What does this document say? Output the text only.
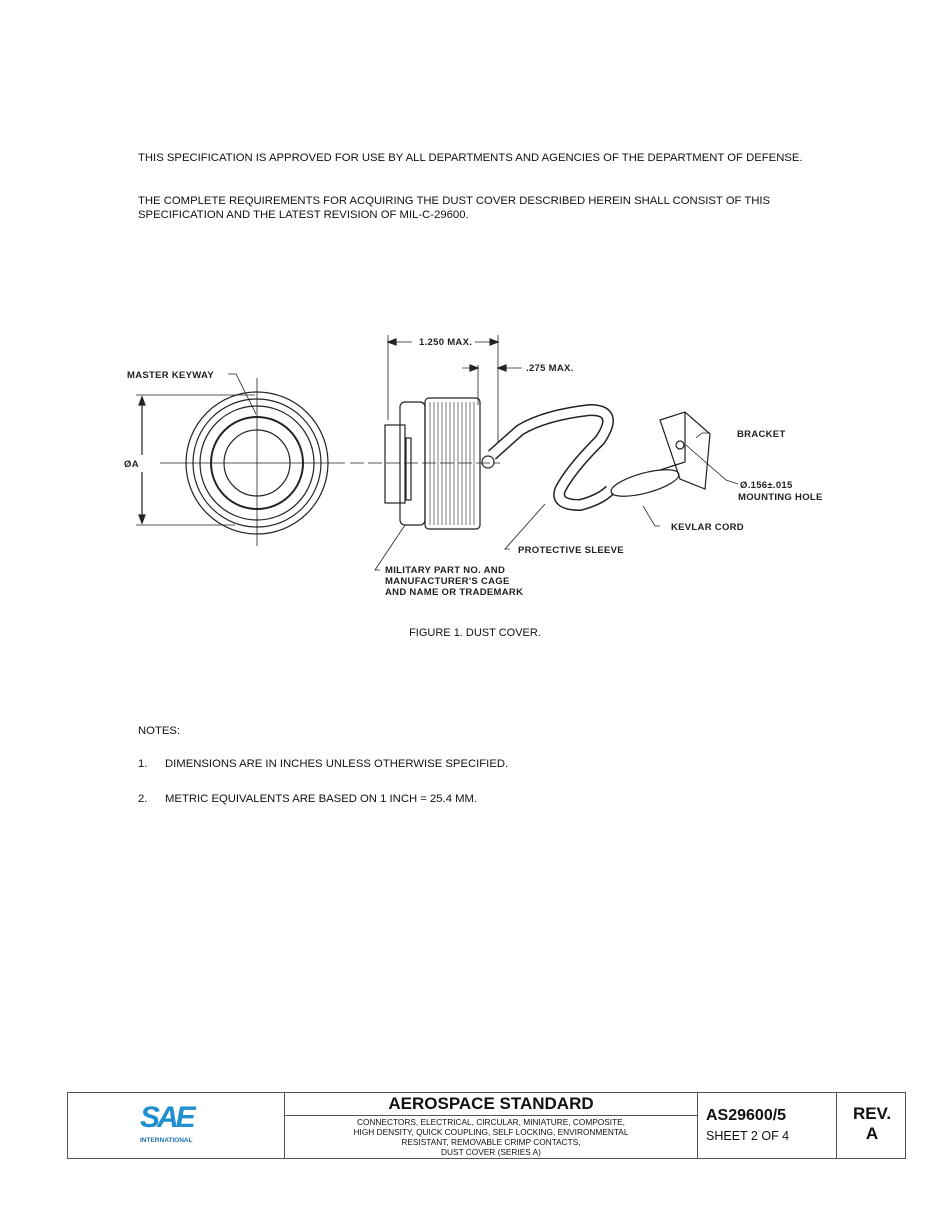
THIS SPECIFICATION IS APPROVED FOR USE BY ALL DEPARTMENTS AND AGENCIES OF THE DEPARTMENT OF DEFENSE.

THE COMPLETE REQUIREMENTS FOR ACQUIRING THE DUST COVER DESCRIBED HEREIN SHALL CONSIST OF THIS SPECIFICATION AND THE LATEST REVISION OF MIL-C-29600.

MASTER KEYWAY
ØA
1.250 MAX.
.275 MAX.
BRACKET
Ø.156±.015
MOUNTING HOLE
KEVLAR CORD
PROTECTIVE SLEEVE
MILITARY PART NO. AND
MANUFACTURER'S CAGE
AND NAME OR TRADEMARK
FIGURE 1. DUST COVER.
NOTES:
1. DIMENSIONS ARE IN INCHES UNLESS OTHERWISE SPECIFIED.
2. METRIC EQUIVALENTS ARE BASED ON 1 INCH = 25.4 MM.
SAE
INTERNATIONAL
AEROSPACE STANDARD
CONNECTORS, ELECTRICAL, CIRCULAR, MINIATURE, COMPOSITE,
HIGH DENSITY, QUICK COUPLING, SELF LOCKING, ENVIRONMENTAL
RESISTANT, REMOVABLE CRIMP CONTACTS,
DUST COVER (SERIES A)
AS29600/5
SHEET 2 OF 4
REV.
A
